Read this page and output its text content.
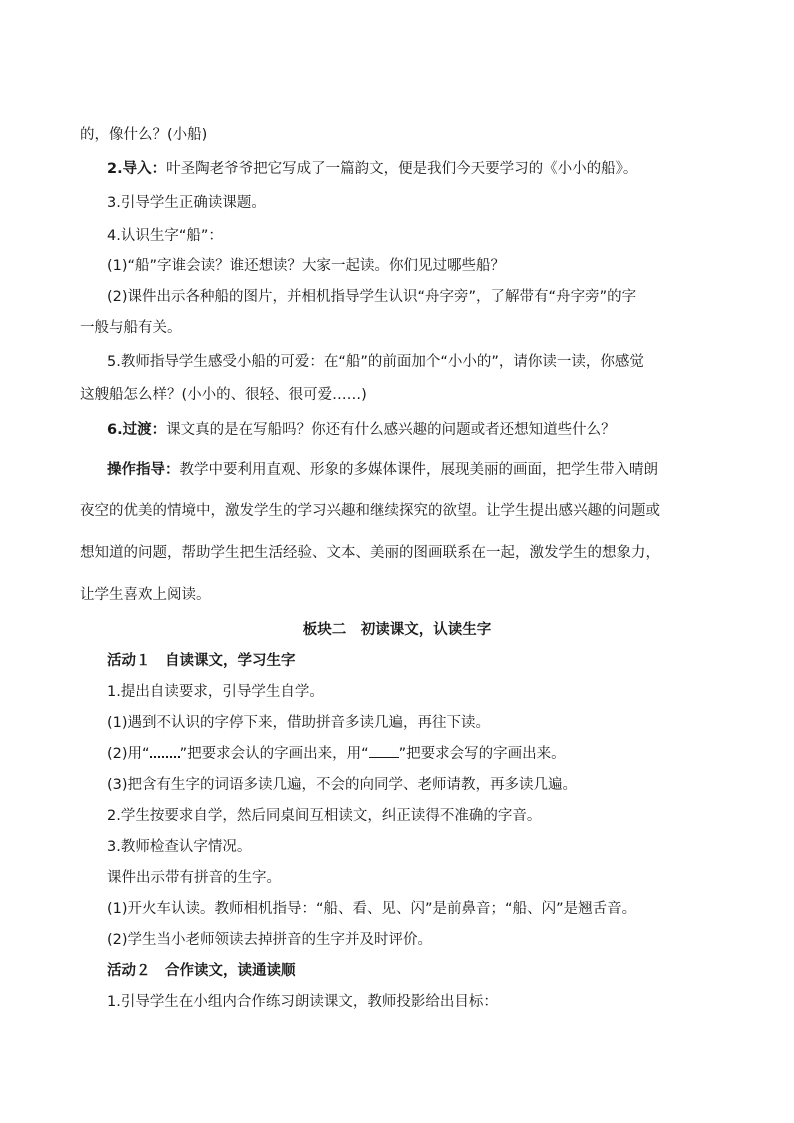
的，像什么？(小船)
2.导入：叶圣陶老爷爷把它写成了一篇韵文，便是我们今天要学习的《小小的船》。
3.引导学生正确读课题。
4.认识生字“船”：
(1)“船”字谁会读？谁还想读？大家一起读。你们见过哪些船？
(2)课件出示各种船的图片，并相机指导学生认识“舟字旁”，了解带有“舟字旁”的字
一般与船有关。
5.教师指导学生感受小船的可爱：在“船”的前面加个“小小的”，请你读一读，你感觉
这艘船怎么样？(小小的、很轻、很可爱……)
6.过渡：课文真的是在写船吗？你还有什么感兴趣的问题或者还想知道些什么？
操作指导：教学中要利用直观、形象的多媒体课件，展现美丽的画面，把学生带入晴朗
夜空的优美的情境中，激发学生的学习兴趣和继续探究的欲望。让学生提出感兴趣的问题或
想知道的问题，帮助学生把生活经验、文本、美丽的图画联系在一起，激发学生的想象力，
让学生喜欢上阅读。
板块二　初读课文，认读生字
活动１　自读课文，学习生字
1.提出自读要求，引导学生自学。
(1)遇到不认识的字停下来，借助拼音多读几遍，再往下读。
(2)用“ ”把要求会认的字画出来，用“ ”把要求会写的字画出来。
(3)把含有生字的词语多读几遍，不会的向同学、老师请教，再多读几遍。
2.学生按要求自学，然后同桌间互相读文，纠正读得不准确的字音。
3.教师检查认字情况。
课件出示带有拼音的生字。
(1)开火车认读。教师相机指导：“船、看、见、闪”是前鼻音；“船、闪”是翘舌音。
(2)学生当小老师领读去掉拼音的生字并及时评价。
活动２　合作读文，读通读顺
1.引导学生在小组内合作练习朗读课文，教师投影给出目标：
